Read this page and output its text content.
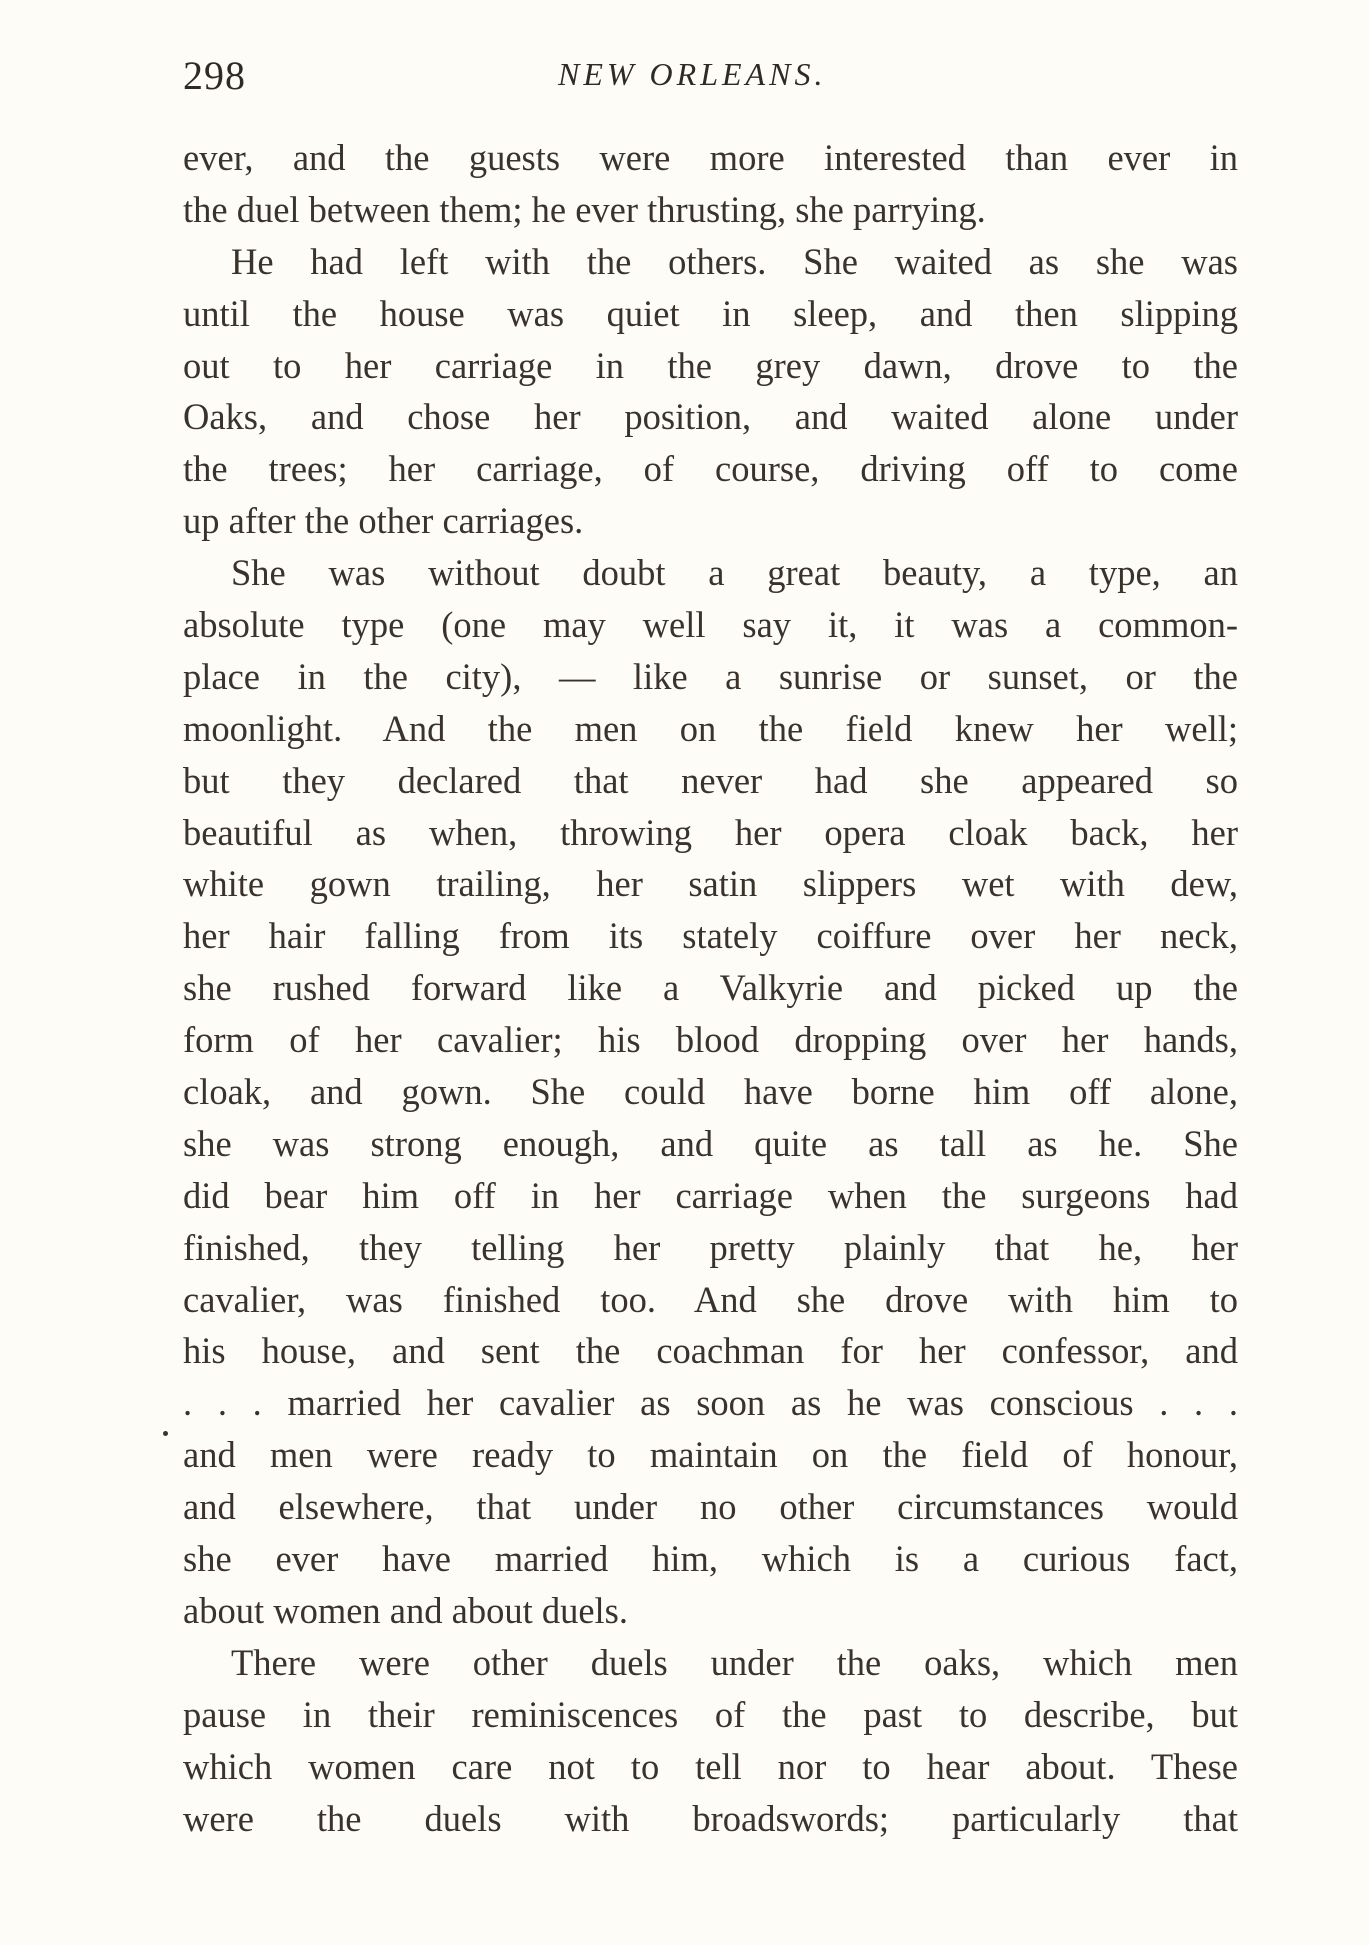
298	NEW ORLEANS.
ever, and the guests were more interested than ever in
the duel between them; he ever thrusting, she parrying.
He had left with the others. She waited as she was
until the house was quiet in sleep, and then slipping
out to her carriage in the grey dawn, drove to the
Oaks, and chose her position, and waited alone under
the trees; her carriage, of course, driving off to come
up after the other carriages.
She was without doubt a great beauty, a type, an
absolute type (one may well say it, it was a common-
place in the city), — like a sunrise or sunset, or the
moonlight. And the men on the field knew her well;
but they declared that never had she appeared so
beautiful as when, throwing her opera cloak back, her
white gown trailing, her satin slippers wet with dew,
her hair falling from its stately coiffure over her neck,
she rushed forward like a Valkyrie and picked up the
form of her cavalier; his blood dropping over her hands,
cloak, and gown. She could have borne him off alone,
she was strong enough, and quite as tall as he. She
did bear him off in her carriage when the surgeons had
finished, they telling her pretty plainly that he, her
cavalier, was finished too. And she drove with him to
his house, and sent the coachman for her confessor, and
. . . married her cavalier as soon as he was conscious . . .
and men were ready to maintain on the field of honour,
and elsewhere, that under no other circumstances would
she ever have married him, which is a curious fact,
about women and about duels.
There were other duels under the oaks, which men
pause in their reminiscences of the past to describe, but
which women care not to tell nor to hear about. These
were the duels with broadswords; particularly that
